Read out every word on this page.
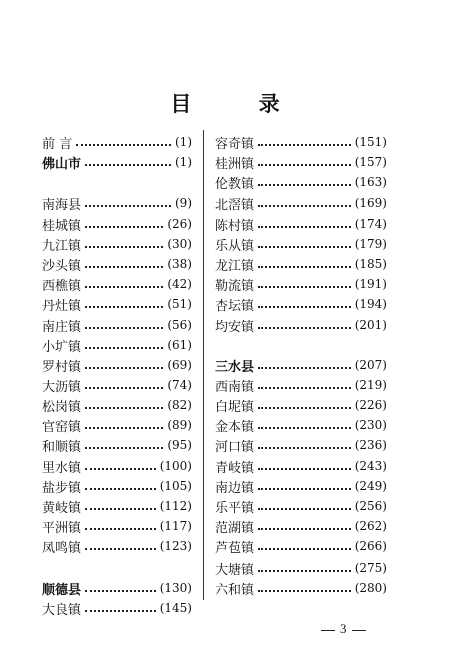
目 录
前 言	(1)
佛山市	(1)
南海县	(9)
桂城镇	(26)
九江镇	(30)
沙头镇	(38)
西樵镇	(42)
丹灶镇	(51)
南庄镇	(56)
小圹镇	(61)
罗村镇	(69)
大沥镇	(74)
松岗镇	(82)
官窑镇	(89)
和顺镇	(95)
里水镇	(100)
盐步镇	(105)
黄岐镇	(112)
平洲镇	(117)
凤鸣镇	(123)
顺德县	(130)
大良镇	(145)
容奇镇	(151)
桂洲镇	(157)
伦教镇	(163)
北滘镇	(169)
陈村镇	(174)
乐从镇	(179)
龙江镇	(185)
勒流镇	(191)
杏坛镇	(194)
均安镇	(201)
三水县	(207)
西南镇	(219)
白坭镇	(226)
金本镇	(230)
河口镇	(236)
青岐镇	(243)
南边镇	(249)
乐平镇	(256)
范湖镇	(262)
芦苞镇	(266)
大塘镇	(275)
六和镇	(280)
3
